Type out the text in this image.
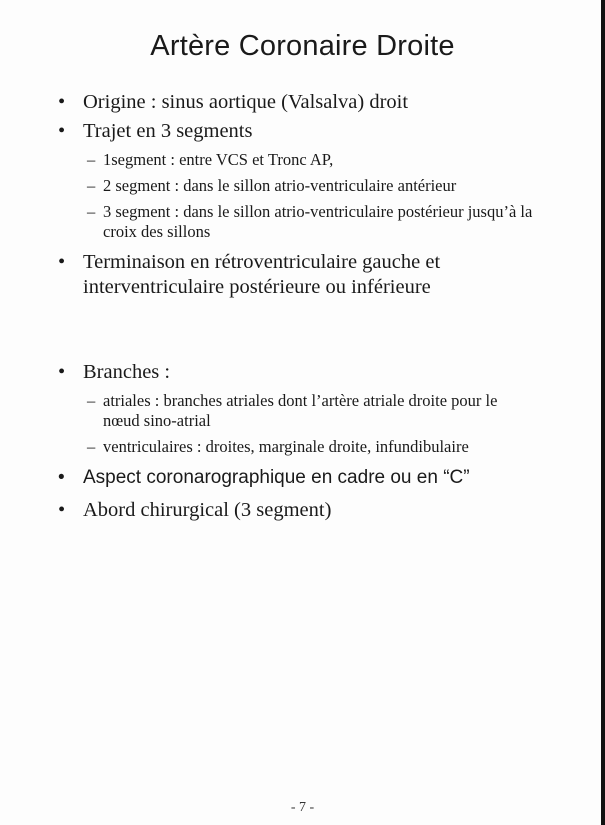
Artère Coronaire Droite
• Origine : sinus aortique (Valsalva) droit
• Trajet en 3 segments
– 1segment : entre VCS et Tronc AP,
– 2 segment : dans le sillon atrio-ventriculaire antérieur
– 3 segment : dans le sillon atrio-ventriculaire postérieur jusqu’à la croix des sillons
• Terminaison en rétroventriculaire gauche et interventriculaire postérieure ou inférieure
• Branches :
– atriales : branches atriales dont l’artère atriale droite pour le nœud sino-atrial
– ventriculaires : droites, marginale droite, infundibulaire
• Aspect coronarographique en cadre ou en “C”
• Abord chirurgical (3 segment)
- 7 -
